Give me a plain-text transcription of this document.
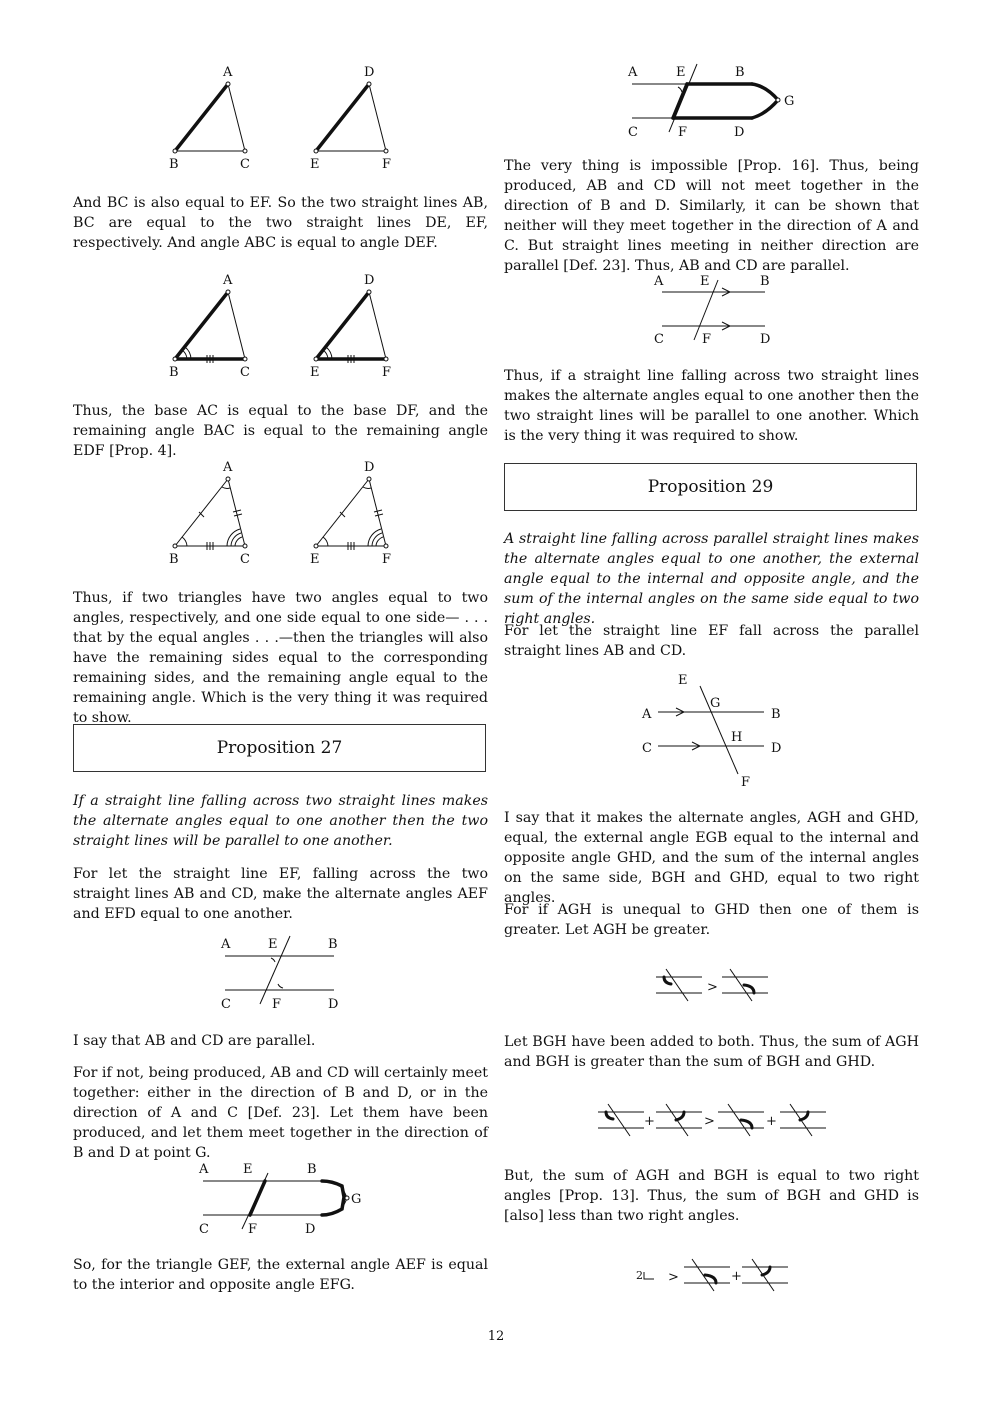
A
B	C
D
E	F

And BC is also equal to EF. So the two straight lines AB, BC are equal to the two straight lines DE, EF, respectively. And angle ABC is equal to angle DEF.

A
B	C
D
E	F

Thus, the base AC is equal to the base DF, and the remaining angle BAC is equal to the remaining angle EDF [Prop. 4].

A
B	C
D
E	F

Thus, if two triangles have two angles equal to two angles, respectively, and one side equal to one side— . . . that by the equal angles . . .—then the triangles will also have the remaining sides equal to the corresponding remaining sides, and the remaining angle equal to the remaining angle. Which is the very thing it was required to show.

Proposition 27

If a straight line falling across two straight lines makes the alternate angles equal to one another then the two straight lines will be parallel to one another.

For let the straight line EF, falling across the two straight lines AB and CD, make the alternate angles AEF and EFD equal to one another.

A	E	B
C	F	D

I say that AB and CD are parallel.

For if not, being produced, AB and CD will certainly meet together: either in the direction of B and D, or in the direction of A and C [Def. 23]. Let them have been produced, and let them meet together in the direction of B and D at point G.

A	E	B
G
C	F	D

So, for the triangle GEF, the external angle AEF is equal to the interior and opposite angle EFG.

A	E	B
G
C	F	D

The very thing is impossible [Prop. 16]. Thus, being produced, AB and CD will not meet together in the direction of B and D. Similarly, it can be shown that neither will they meet together in the direction of A and C. But straight lines meeting in neither direction are parallel [Def. 23]. Thus, AB and CD are parallel.

A	E	B
C	F	D

Thus, if a straight line falling across two straight lines makes the alternate angles equal to one another then the two straight lines will be parallel to one another. Which is the very thing it was required to show.

Proposition 29

A straight line falling across parallel straight lines makes the alternate angles equal to one another, the external angle equal to the internal and opposite angle, and the sum of the internal angles on the same side equal to two right angles.

For let the straight line EF fall across the parallel straight lines AB and CD.

E
G
A	B
H
C	D
F

I say that it makes the alternate angles, AGH and GHD, equal, the external angle EGB equal to the internal and opposite angle GHD, and the sum of the internal angles on the same side, BGH and GHD, equal to two right angles.

For if AGH is unequal to GHD then one of them is greater. Let AGH be greater.

>

Let BGH have been added to both. Thus, the sum of AGH and BGH is greater than the sum of BGH and GHD.

+	>	+

But, the sum of AGH and BGH is equal to two right angles [Prop. 13]. Thus, the sum of BGH and GHD is [also] less than two right angles.

2 >	+
12
